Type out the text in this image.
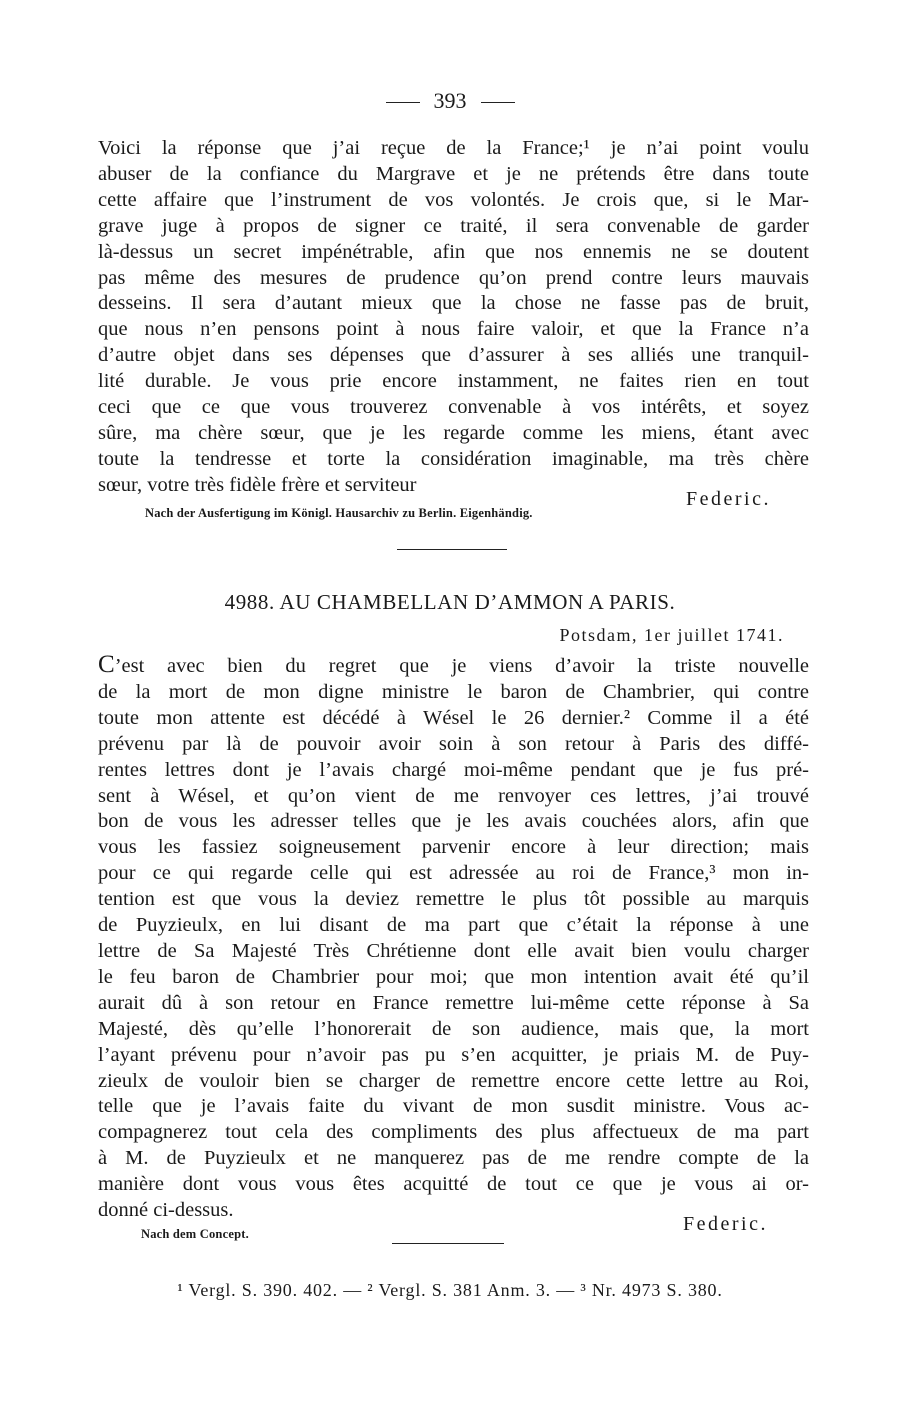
393
Voici la réponse que j’ai reçue de la France;¹ je n’ai point voulu
abuser de la confiance du Margrave et je ne prétends être dans toute
cette affaire que l’instrument de vos volontés. Je crois que, si le Mar-
grave juge à propos de signer ce traité, il sera convenable de garder
là-dessus un secret impénétrable, afin que nos ennemis ne se doutent
pas même des mesures de prudence qu’on prend contre leurs mauvais
desseins. Il sera d’autant mieux que la chose ne fasse pas de bruit,
que nous n’en pensons point à nous faire valoir, et que la France n’a
d’autre objet dans ses dépenses que d’assurer à ses alliés une tranquil-
lité durable. Je vous prie encore instamment, ne faites rien en tout
ceci que ce que vous trouverez convenable à vos intérêts, et soyez
sûre, ma chère sœur, que je les regarde comme les miens, étant avec
toute la tendresse et torte la considération imaginable, ma très chère
sœur, votre très fidèle frère et serviteur
Federic.
Nach der Ausfertigung im Königl. Hausarchiv zu Berlin. Eigenhändig.
4988. AU CHAMBELLAN D’AMMON A PARIS.
Potsdam, 1er juillet 1741.
C’est avec bien du regret que je viens d’avoir la triste nouvelle
de la mort de mon digne ministre le baron de Chambrier, qui contre
toute mon attente est décédé à Wésel le 26 dernier.² Comme il a été
prévenu par là de pouvoir avoir soin à son retour à Paris des diffé-
rentes lettres dont je l’avais chargé moi-même pendant que je fus pré-
sent à Wésel, et qu’on vient de me renvoyer ces lettres, j’ai trouvé
bon de vous les adresser telles que je les avais couchées alors, afin que
vous les fassiez soigneusement parvenir encore à leur direction; mais
pour ce qui regarde celle qui est adressée au roi de France,³ mon in-
tention est que vous la deviez remettre le plus tôt possible au marquis
de Puyzieulx, en lui disant de ma part que c’était la réponse à une
lettre de Sa Majesté Très Chrétienne dont elle avait bien voulu charger
le feu baron de Chambrier pour moi; que mon intention avait été qu’il
aurait dû à son retour en France remettre lui-même cette réponse à Sa
Majesté, dès qu’elle l’honorerait de son audience, mais que, la mort
l’ayant prévenu pour n’avoir pas pu s’en acquitter, je priais M. de Puy-
zieulx de vouloir bien se charger de remettre encore cette lettre au Roi,
telle que je l’avais faite du vivant de mon susdit ministre. Vous ac-
compagnerez tout cela des compliments des plus affectueux de ma part
à M. de Puyzieulx et ne manquerez pas de me rendre compte de la
manière dont vous vous êtes acquitté de tout ce que je vous ai or-
donné ci-dessus.
Federic.
Nach dem Concept.
¹ Vergl. S. 390. 402. — ² Vergl. S. 381 Anm. 3. — ³ Nr. 4973 S. 380.
